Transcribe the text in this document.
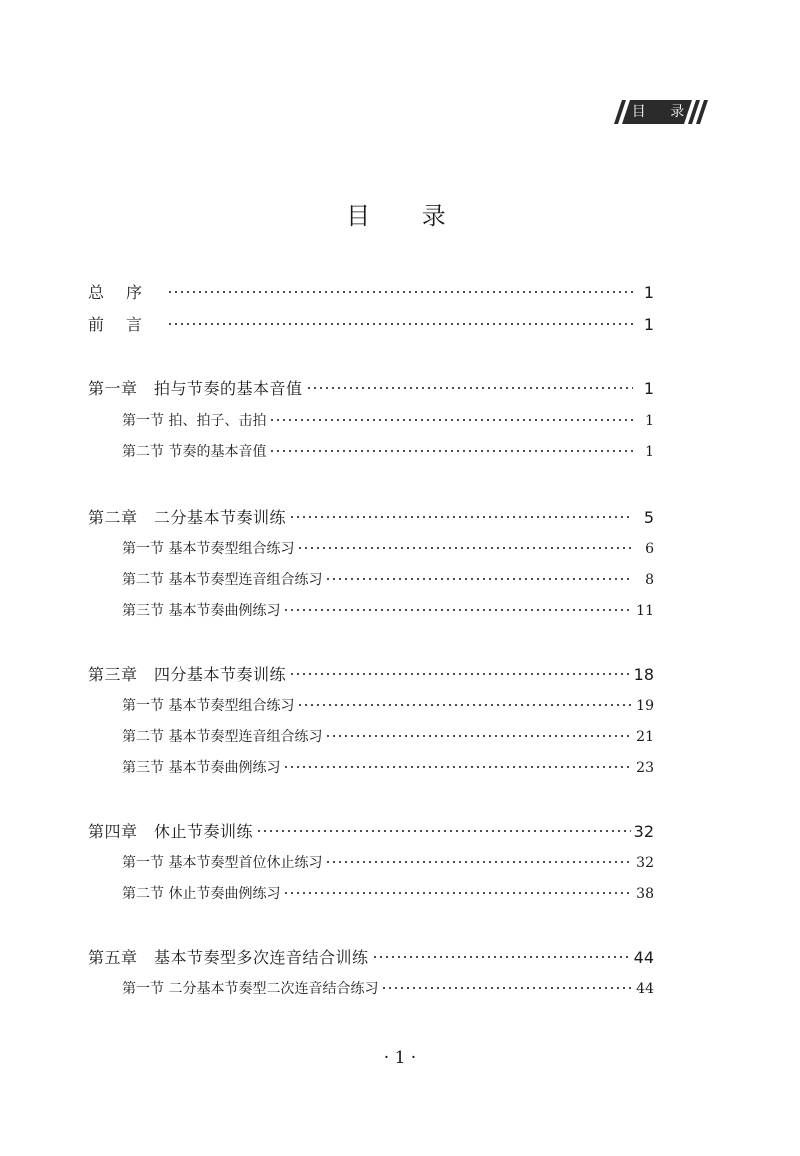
目 录
目 录
总序	1
前言	1
第一章　拍与节奏的基本音值	1
第一节 拍、拍子、击拍	1
第二节 节奏的基本音值	1
第二章　二分基本节奏训练	5
第一节 基本节奏型组合练习	6
第二节 基本节奏型连音组合练习	8
第三节 基本节奏曲例练习	11
第三章　四分基本节奏训练	18
第一节 基本节奏型组合练习	19
第二节 基本节奏型连音组合练习	21
第三节 基本节奏曲例练习	23
第四章　休止节奏训练	32
第一节 基本节奏型首位休止练习	32
第二节 休止节奏曲例练习	38
第五章　基本节奏型多次连音结合训练	44
第一节 二分基本节奏型二次连音结合练习	44
· 1 ·
